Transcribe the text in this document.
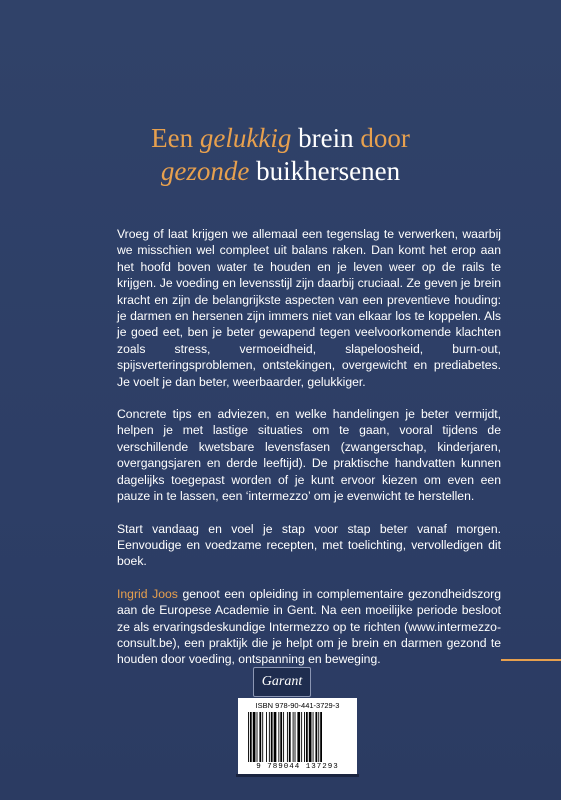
Een gelukkig brein door
gezonde buikhersenen

Vroeg of laat krijgen we allemaal een tegenslag te verwerken, waarbij we misschien wel compleet uit balans raken. Dan komt het erop aan het hoofd boven water te houden en je leven weer op de rails te krijgen. Je voeding en levensstijl zijn daarbij cruciaal. Ze geven je brein kracht en zijn de belangrijkste aspecten van een preventieve houding: je darmen en hersenen zijn immers niet van elkaar los te koppelen. Als je goed eet, ben je beter gewapend tegen veelvoorkomende klachten zoals stress, vermoeidheid, slapeloosheid, burn-out, spijsverteringsproblemen, ontstekingen, overgewicht en prediabetes. Je voelt je dan beter, weerbaarder, gelukkiger.

Concrete tips en adviezen, en welke handelingen je beter vermijdt, helpen je met lastige situaties om te gaan, vooral tijdens de verschillende kwetsbare levensfasen (zwangerschap, kinderjaren, overgangsjaren en derde leeftijd). De praktische handvatten kunnen dagelijks toegepast worden of je kunt ervoor kiezen om even een pauze in te lassen, een ‘intermezzo’ om je evenwicht te herstellen.

Start vandaag en voel je stap voor stap beter vanaf morgen. Eenvoudige en voedzame recepten, met toelichting, vervolledigen dit boek.

Ingrid Joos genoot een opleiding in complementaire gezondheidszorg aan de Europese Academie in Gent. Na een moeilijke periode besloot ze als ervaringsdeskundige Intermezzo op te richten (www.intermezzo-consult.be), een praktijk die je helpt om je brein en darmen gezond te houden door voeding, ontspanning en beweging.

Garant
ISBN 978-90-441-3729-3
9 789044 137293
